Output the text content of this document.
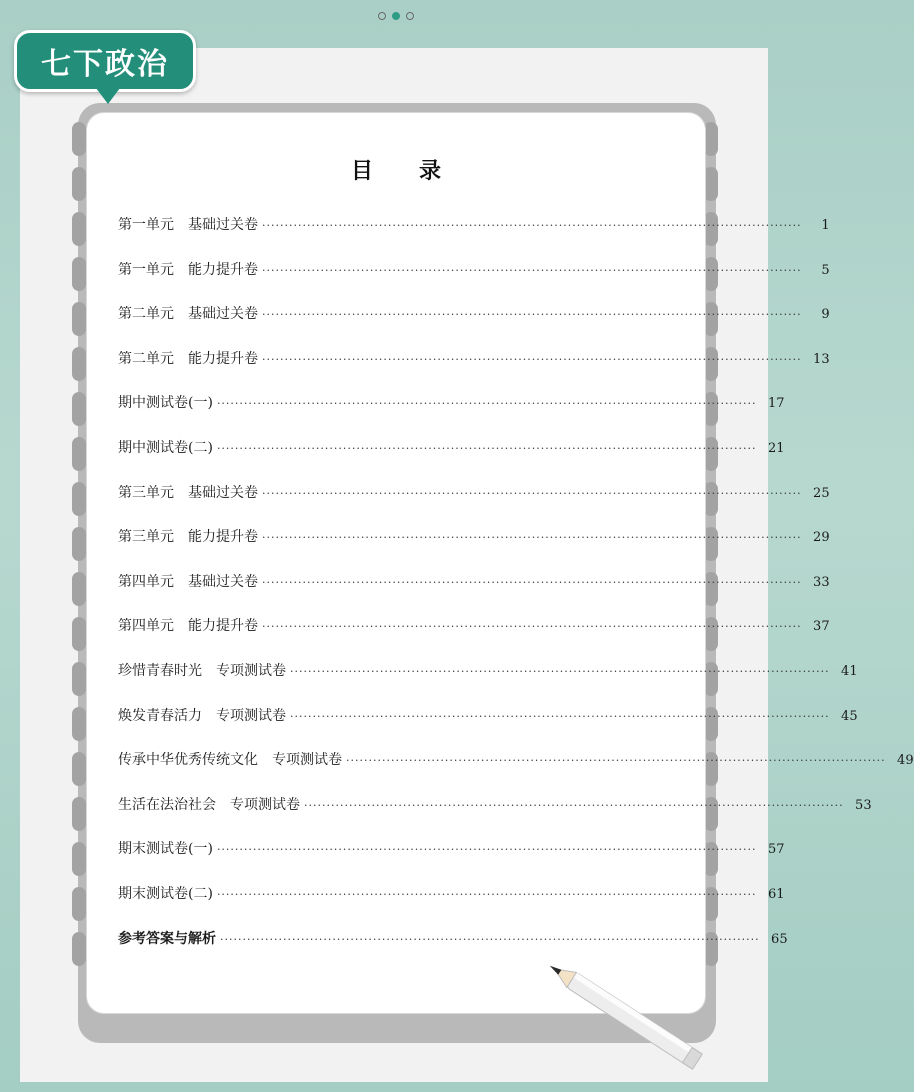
七下政治
目录
第一单元　基础过关卷 ························································································································	1
第一单元　能力提升卷 ························································································································	5
第二单元　基础过关卷 ························································································································	9
第二单元　能力提升卷 ························································································································ 13
期中测试卷(一) ························································································································ 17
期中测试卷(二) ························································································································ 21
第三单元　基础过关卷 ························································································································ 25
第三单元　能力提升卷 ························································································································ 29
第四单元　基础过关卷 ························································································································ 33
第四单元　能力提升卷 ························································································································ 37
珍惜青春时光　专项测试卷 ························································································································ 41
焕发青春活力　专项测试卷 ························································································································ 45
传承中华优秀传统文化　专项测试卷 ························································································································ 49
生活在法治社会　专项测试卷 ························································································································ 53
期末测试卷(一) ························································································································ 57
期末测试卷(二) ························································································································ 61
参考答案与解析 ························································································································ 65
